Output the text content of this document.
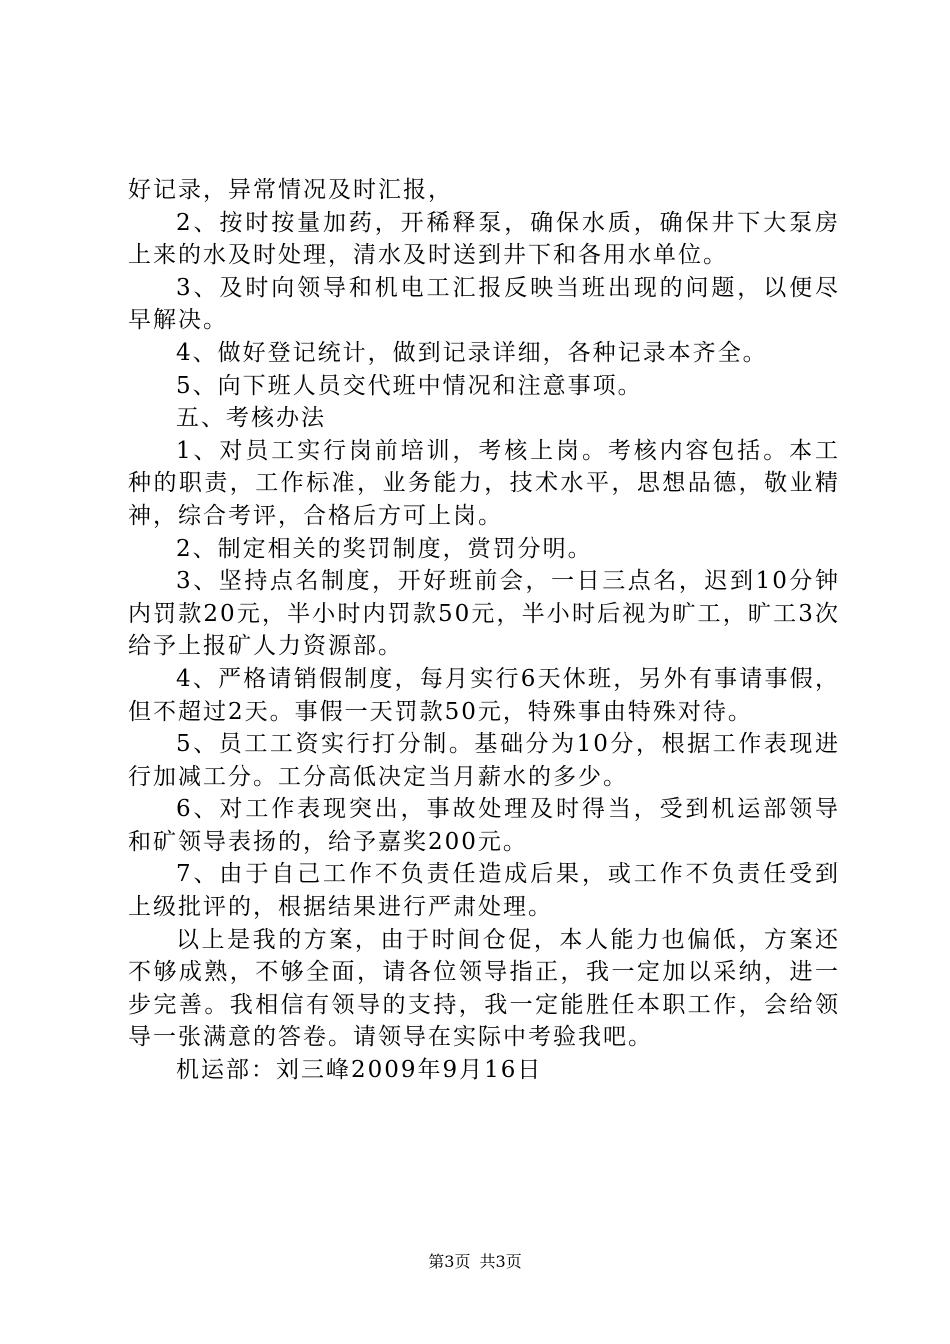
好记录，异常情况及时汇报，

2、按时按量加药，开稀释泵，确保水质，确保井下大泵房上来的水及时处理，清水及时送到井下和各用水单位。

3、及时向领导和机电工汇报反映当班出现的问题，以便尽早解决。

4、做好登记统计，做到记录详细，各种记录本齐全。

5、向下班人员交代班中情况和注意事项。

五、考核办法

1、对员工实行岗前培训，考核上岗。考核内容包括。本工种的职责，工作标准，业务能力，技术水平，思想品德，敬业精神，综合考评，合格后方可上岗。

2、制定相关的奖罚制度，赏罚分明。

3、坚持点名制度，开好班前会，一日三点名，迟到10分钟内罚款20元，半小时内罚款50元，半小时后视为旷工，旷工3次给予上报矿人力资源部。

4、严格请销假制度，每月实行6天休班，另外有事请事假，但不超过2天。事假一天罚款50元，特殊事由特殊对待。

5、员工工资实行打分制。基础分为10分，根据工作表现进行加减工分。工分高低决定当月薪水的多少。

6、对工作表现突出，事故处理及时得当，受到机运部领导和矿领导表扬的，给予嘉奖200元。

7、由于自己工作不负责任造成后果，或工作不负责任受到上级批评的，根据结果进行严肃处理。

以上是我的方案，由于时间仓促，本人能力也偏低，方案还不够成熟，不够全面，请各位领导指正，我一定加以采纳，进一步完善。我相信有领导的支持，我一定能胜任本职工作，会给领导一张满意的答卷。请领导在实际中考验我吧。

机运部：刘三峰2009年9月16日

第3页 共3页
